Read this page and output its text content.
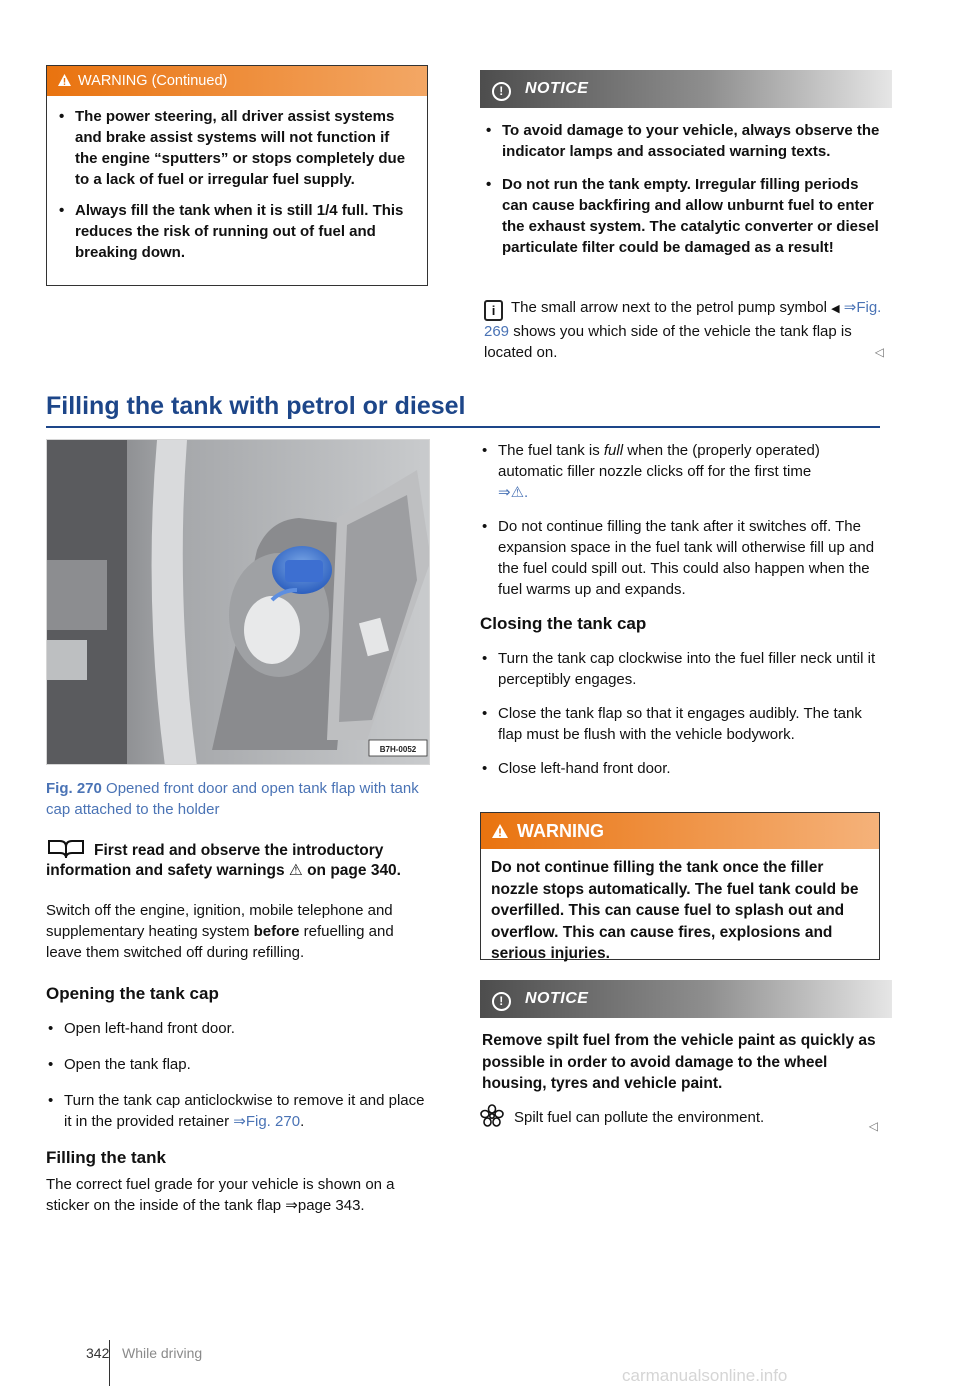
WARNING (Continued)

• The power steering, all driver assist systems and brake assist systems will not function if the engine “sputters” or stops completely due to a lack of fuel or irregular fuel supply.

• Always fill the tank when it is still 1/4 full. This reduces the risk of running out of fuel and breaking down.

! NOTICE

• To avoid damage to your vehicle, always observe the indicator lamps and associated warning texts.

• Do not run the tank empty. Irregular filling periods can cause backfiring and allow unburnt fuel to enter the exhaust system. The catalytic converter or diesel particulate filter could be damaged as a result!

i The small arrow next to the petrol pump symbol ◀ ⇒Fig. 269 shows you which side of the vehicle the tank flap is located on.	◁
Filling the tank with petrol or diesel
B7H-0052
Fig. 270 Opened front door and open tank flap with tank cap attached to the holder
First read and observe the introductory information and safety warnings ⚠ on page 340.

Switch off the engine, ignition, mobile telephone and supplementary heating system before refuelling and leave them switched off during refilling.

Opening the tank cap

• Open left-hand front door.

• Open the tank flap.

• Turn the tank cap anticlockwise to remove it and place it in the provided retainer ⇒Fig. 270.

Filling the tank

The correct fuel grade for your vehicle is shown on a sticker on the inside of the tank flap ⇒page 343.

• The fuel tank is full when the (properly operated) automatic filler nozzle clicks off for the first time
⇒⚠.

• Do not continue filling the tank after it switches off. The expansion space in the fuel tank will otherwise fill up and the fuel could spill out. This could also happen when the fuel warms up and expands.

Closing the tank cap

• Turn the tank cap clockwise into the fuel filler neck until it perceptibly engages.

• Close the tank flap so that it engages audibly. The tank flap must be flush with the vehicle bodywork.

• Close left-hand front door.

WARNING
Do not continue filling the tank once the filler nozzle stops automatically. The fuel tank could be overfilled. This can cause fuel to splash out and overflow. This can cause fires, explosions and serious injuries.
! NOTICE
Remove spilt fuel from the vehicle paint as quickly as possible in order to avoid damage to the wheel housing, tyres and vehicle paint.
Spilt fuel can pollute the environment.	◁
342 While driving
carmanualsonline.info
